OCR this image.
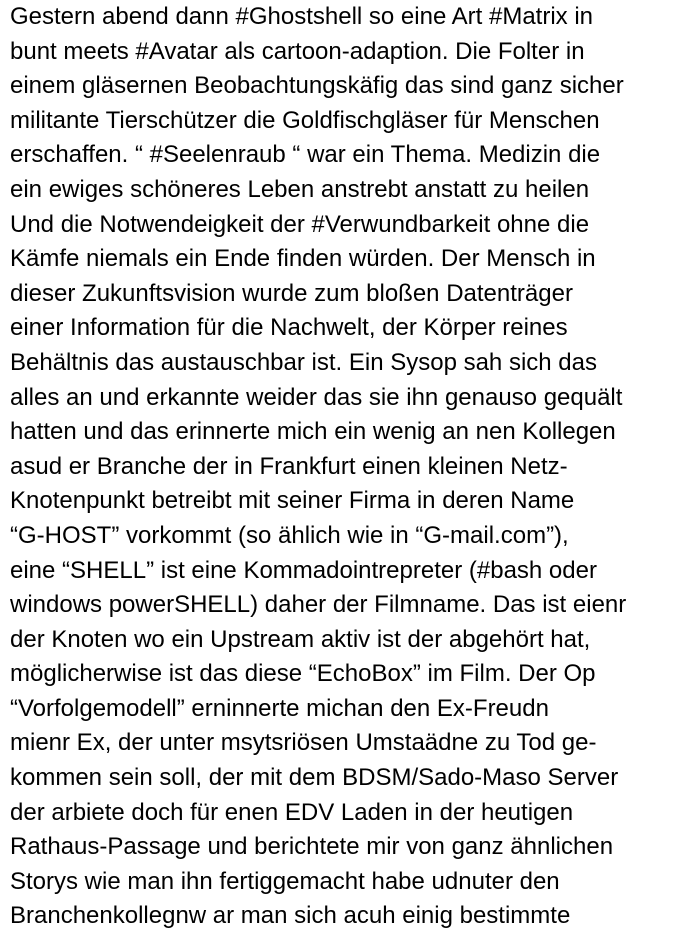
Gestern abend dann #Ghostshell so eine Art #Matrix in
bunt meets #Avatar als cartoon-adaption. Die Folter in
einem gläsernen Beobachtungskäfig das sind ganz sicher
militante Tierschützer die Goldfischgläser für Menschen
erschaffen. “ #Seelenraub “ war ein Thema. Medizin die
ein ewiges schöneres Leben anstrebt anstatt zu heilen
Und die Notwendeigkeit der #Verwundbarkeit ohne die
Kämfe niemals ein Ende finden würden. Der Mensch in
dieser Zukunftsvision wurde zum bloßen Datenträger
einer Information für die Nachwelt, der Körper reines
Behältnis das austauschbar ist. Ein Sysop sah sich das
alles an und erkannte weider das sie ihn genauso gequält
hatten und das erinnerte mich ein wenig an nen Kollegen
asud er Branche der in Frankfurt einen kleinen Netz-
Knotenpunkt betreibt mit seiner Firma in deren Name
“G-HOST” vorkommt (so ählich wie in “G-mail.com”),
eine “SHELL” ist eine Kommadointrepreter (#bash oder
windows powerSHELL) daher der Filmname. Das ist eienr
der Knoten wo ein Upstream aktiv ist der abgehört hat,
möglicherwise ist das diese “EchoBox” im Film. Der Op
“Vorfolgemodell” erninnerte michan den Ex-Freudn
mienr Ex, der unter msytsriösen Umstaädne zu Tod ge-
kommen sein soll, der mit dem BDSM/Sado-Maso Server
der arbiete doch für enen EDV Laden in der heutigen
Rathaus-Passage und berichtete mir von ganz ähnlichen
Storys wie man ihn fertiggemacht habe udnuter den
Branchenkollegnw ar man sich acuh einig bestimmte
